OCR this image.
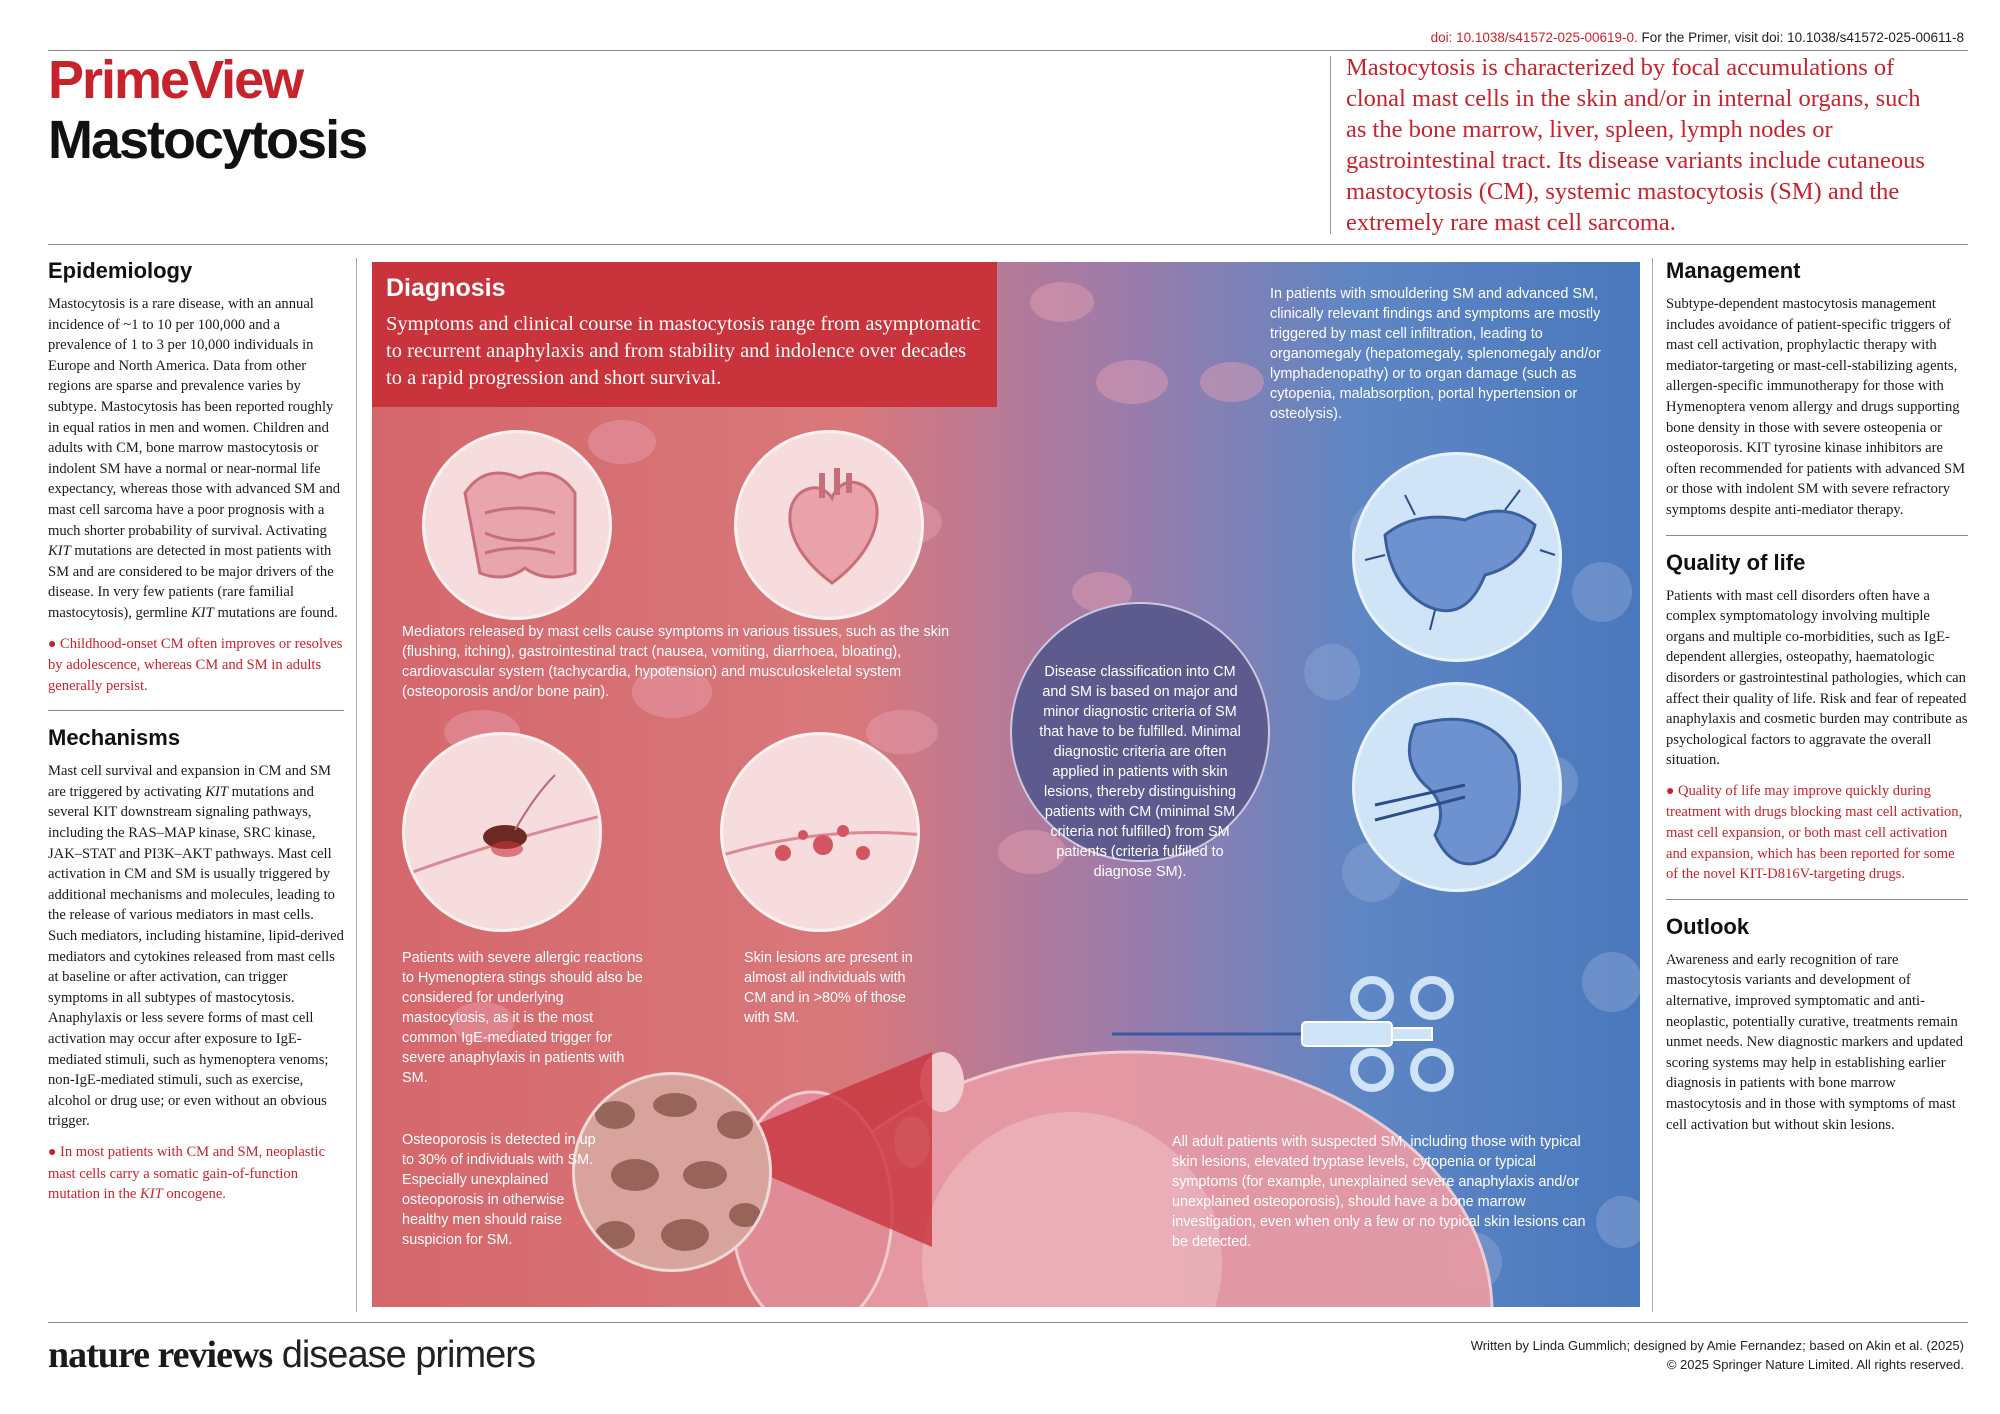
doi: 10.1038/s41572-025-00619-0. For the Primer, visit doi: 10.1038/s41572-025-00611-8
PrimeView
Mastocytosis
Mastocytosis is characterized by focal accumulations of clonal mast cells in the skin and/or in internal organs, such as the bone marrow, liver, spleen, lymph nodes or gastrointestinal tract. Its disease variants include cutaneous mastocytosis (CM), systemic mastocytosis (SM) and the extremely rare mast cell sarcoma.
Epidemiology
Mastocytosis is a rare disease, with an annual incidence of ~1 to 10 per 100,000 and a prevalence of 1 to 3 per 10,000 individuals in Europe and North America. Data from other regions are sparse and prevalence varies by subtype. Mastocytosis has been reported roughly in equal ratios in men and women. Children and adults with CM, bone marrow mastocytosis or indolent SM have a normal or near-normal life expectancy, whereas those with advanced SM and mast cell sarcoma have a poor prognosis with a much shorter probability of survival. Activating KIT mutations are detected in most patients with SM and are considered to be major drivers of the disease. In very few patients (rare familial mastocytosis), germline KIT mutations are found.
● Childhood-onset CM often improves or resolves by adolescence, whereas CM and SM in adults generally persist.
Mechanisms
Mast cell survival and expansion in CM and SM are triggered by activating KIT mutations and several KIT downstream signaling pathways, including the RAS–MAP kinase, SRC kinase, JAK–STAT and PI3K–AKT pathways. Mast cell activation in CM and SM is usually triggered by additional mechanisms and molecules, leading to the release of various mediators in mast cells. Such mediators, including histamine, lipid-derived mediators and cytokines released from mast cells at baseline or after activation, can trigger symptoms in all subtypes of mastocytosis. Anaphylaxis or less severe forms of mast cell activation may occur after exposure to IgE-mediated stimuli, such as hymenoptera venoms; non-IgE-mediated stimuli, such as exercise, alcohol or drug use; or even without an obvious trigger.
● In most patients with CM and SM, neoplastic mast cells carry a somatic gain-of-function mutation in the KIT oncogene.
Diagnosis
Symptoms and clinical course in mastocytosis range from asymptomatic to recurrent anaphylaxis and from stability and indolence over decades to a rapid progression and short survival.
Mediators released by mast cells cause symptoms in various tissues, such as the skin (flushing, itching), gastrointestinal tract (nausea, vomiting, diarrhoea, bloating), cardiovascular system (tachycardia, hypotension) and musculoskeletal system (osteoporosis and/or bone pain).
Patients with severe allergic reactions to Hymenoptera stings should also be considered for underlying mastocytosis, as it is the most common IgE-mediated trigger for severe anaphylaxis in patients with SM.
Skin lesions are present in almost all individuals with CM and in >80% of those with SM.
Osteoporosis is detected in up to 30% of individuals with SM. Especially unexplained osteoporosis in otherwise healthy men should raise suspicion for SM.
Disease classification into CM and SM is based on major and minor diagnostic criteria of SM that have to be fulfilled. Minimal diagnostic criteria are often applied in patients with skin lesions, thereby distinguishing patients with CM (minimal SM criteria not fulfilled) from SM patients (criteria fulfilled to diagnose SM).
In patients with smouldering SM and advanced SM, clinically relevant findings and symptoms are mostly triggered by mast cell infiltration, leading to organomegaly (hepatomegaly, splenomegaly and/or lymphadenopathy) or to organ damage (such as cytopenia, malabsorption, portal hypertension or osteolysis).
All adult patients with suspected SM, including those with typical skin lesions, elevated tryptase levels, cytopenia or typical symptoms (for example, unexplained severe anaphylaxis and/or unexplained osteoporosis), should have a bone marrow investigation, even when only a few or no typical skin lesions can be detected.
Management
Subtype-dependent mastocytosis management includes avoidance of patient-specific triggers of mast cell activation, prophylactic therapy with mediator-targeting or mast-cell-stabilizing agents, allergen-specific immunotherapy for those with Hymenoptera venom allergy and drugs supporting bone density in those with severe osteopenia or osteoporosis. KIT tyrosine kinase inhibitors are often recommended for patients with advanced SM or those with indolent SM with severe refractory symptoms despite anti-mediator therapy.
Quality of life
Patients with mast cell disorders often have a complex symptomatology involving multiple organs and multiple co-morbidities, such as IgE-dependent allergies, osteopathy, haematologic disorders or gastrointestinal pathologies, which can affect their quality of life. Risk and fear of repeated anaphylaxis and cosmetic burden may contribute as psychological factors to aggravate the overall situation.
● Quality of life may improve quickly during treatment with drugs blocking mast cell activation, mast cell expansion, or both mast cell activation and expansion, which has been reported for some of the novel KIT-D816V-targeting drugs.
Outlook
Awareness and early recognition of rare mastocytosis variants and development of alternative, improved symptomatic and anti-neoplastic, potentially curative, treatments remain unmet needs. New diagnostic markers and updated scoring systems may help in establishing earlier diagnosis in patients with bone marrow mastocytosis and in those with symptoms of mast cell activation but without skin lesions.
nature reviews disease primers	Written by Linda Gummlich; designed by Amie Fernandez; based on Akin et al. (2025)
© 2025 Springer Nature Limited. All rights reserved.
